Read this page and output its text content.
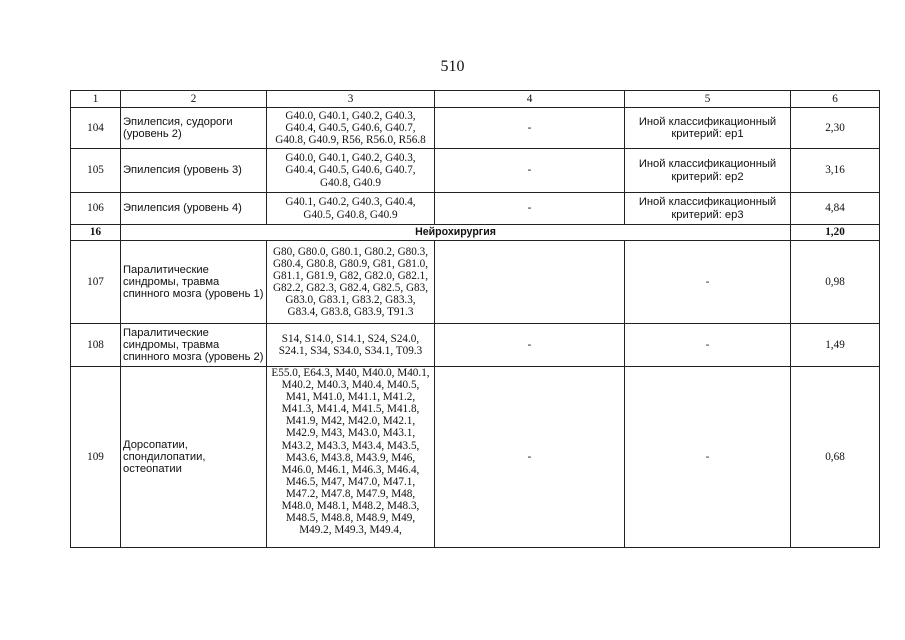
510
1	2	3	4	5	6
104	Эпилепсия, судороги (уровень 2)	G40.0, G40.1, G40.2, G40.3, G40.4, G40.5, G40.6, G40.7, G40.8, G40.9, R56, R56.0, R56.8	-	Иной классификационный критерий: ep1	2,30
105	Эпилепсия (уровень 3)	G40.0, G40.1, G40.2, G40.3, G40.4, G40.5, G40.6, G40.7, G40.8, G40.9	-	Иной классификационный критерий: ep2	3,16
106	Эпилепсия (уровень 4)	G40.1, G40.2, G40.3, G40.4, G40.5, G40.8, G40.9	-	Иной классификационный критерий: ep3	4,84
16	Нейрохирургия				1,20
107	Паралитические синдромы, травма спинного мозга (уровень 1)	G80, G80.0, G80.1, G80.2, G80.3, G80.4, G80.8, G80.9, G81, G81.0, G81.1, G81.9, G82, G82.0, G82.1, G82.2, G82.3, G82.4, G82.5, G83, G83.0, G83.1, G83.2, G83.3, G83.4, G83.8, G83.9, T91.3		-	0,98
108	Паралитические синдромы, травма спинного мозга (уровень 2)	S14, S14.0, S14.1, S24, S24.0, S24.1, S34, S34.0, S34.1, T09.3	-	-	1,49
109	Дорсопатии, спондилопатии, остеопатии	E55.0, E64.3, M40, M40.0, M40.1, M40.2, M40.3, M40.4, M40.5, M41, M41.0, M41.1, M41.2, M41.3, M41.4, M41.5, M41.8, M41.9, M42, M42.0, M42.1, M42.9, M43, M43.0, M43.1, M43.2, M43.3, M43.4, M43.5, M43.6, M43.8, M43.9, M46, M46.0, M46.1, M46.3, M46.4, M46.5, M47, M47.0, M47.1, M47.2, M47.8, M47.9, M48, M48.0, M48.1, M48.2, M48.3, M48.5, M48.8, M48.9, M49, M49.2, M49.3, M49.4,	-	-	0,68
